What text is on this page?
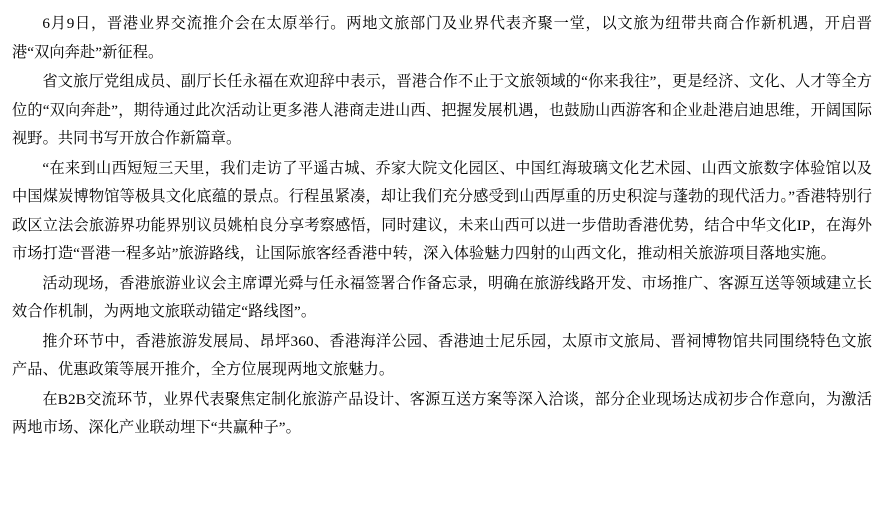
6月9日，晋港业界交流推介会在太原举行。两地文旅部门及业界代表齐聚一堂，以文旅为纽带共商合作新机遇，开启晋港“双向奔赴”新征程。

省文旅厅党组成员、副厅长任永福在欢迎辞中表示，晋港合作不止于文旅领域的“你来我往”，更是经济、文化、人才等全方位的“双向奔赴”，期待通过此次活动让更多港人港商走进山西、把握发展机遇，也鼓励山西游客和企业赴港启迪思维，开阔国际视野。共同书写开放合作新篇章。

“在来到山西短短三天里，我们走访了平遥古城、乔家大院文化园区、中国红海玻璃文化艺术园、山西文旅数字体验馆以及中国煤炭博物馆等极具文化底蕴的景点。行程虽紧凑，却让我们充分感受到山西厚重的历史积淀与蓬勃的现代活力。”香港特别行政区立法会旅游界功能界别议员姚柏良分享考察感悟，同时建议，未来山西可以进一步借助香港优势，结合中华文化IP，在海外市场打造“晋港一程多站”旅游路线，让国际旅客经香港中转，深入体验魅力四射的山西文化，推动相关旅游项目落地实施。

活动现场，香港旅游业议会主席谭光舜与任永福签署合作备忘录，明确在旅游线路开发、市场推广、客源互送等领域建立长效合作机制，为两地文旅联动锚定“路线图”。

推介环节中，香港旅游发展局、昂坪360、香港海洋公园、香港迪士尼乐园，太原市文旅局、晋祠博物馆共同围绕特色文旅产品、优惠政策等展开推介，全方位展现两地文旅魅力。

在B2B交流环节，业界代表聚焦定制化旅游产品设计、客源互送方案等深入洽谈，部分企业现场达成初步合作意向，为激活两地市场、深化产业联动埋下“共赢种子”。
